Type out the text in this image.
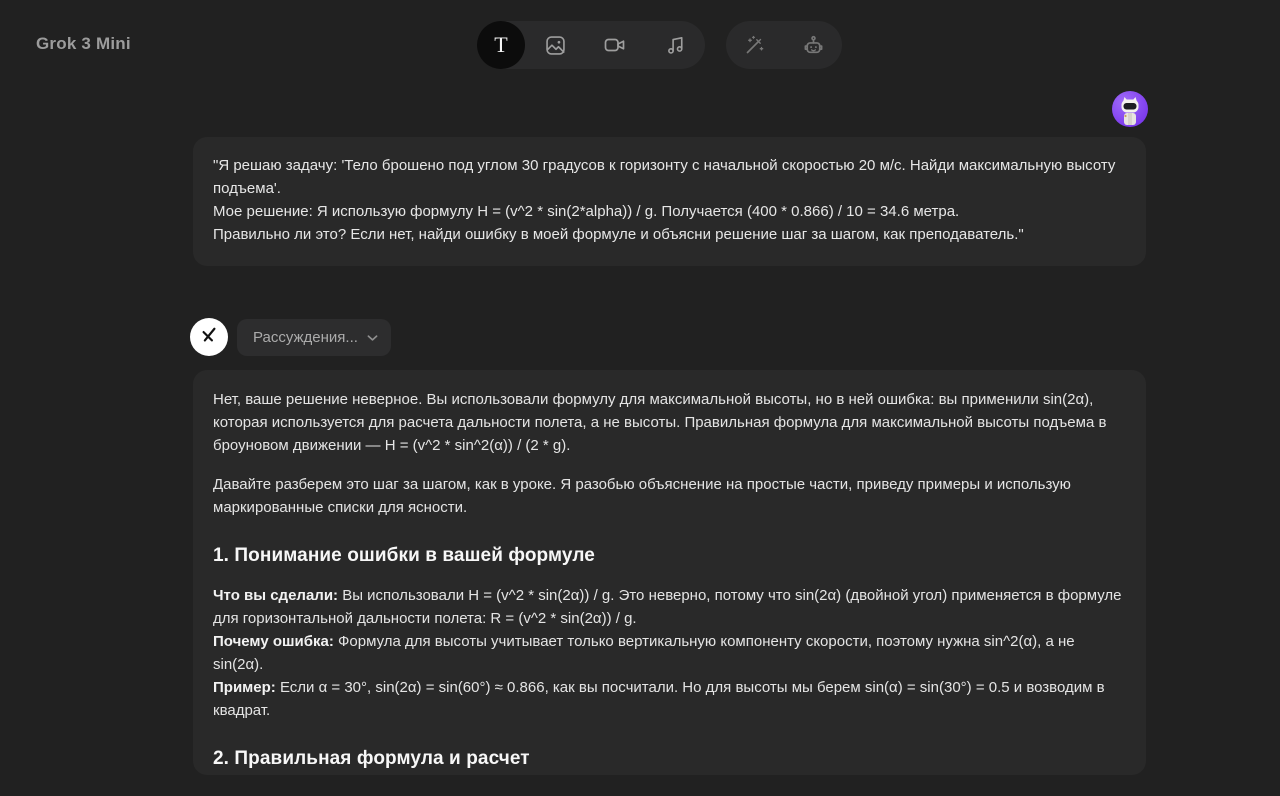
Grok 3 Mini	T

"Я решаю задачу: 'Тело брошено под углом 30 градусов к горизонту с начальной скоростью 20 м/с. Найди максимальную высоту подъема'.

Мое решение: Я использую формулу H = (v^2 * sin(2*alpha)) / g. Получается (400 * 0.866) / 10 = 34.6 метра.

Правильно ли это? Если нет, найди ошибку в моей формуле и объясни решение шаг за шагом, как преподаватель."

Рассуждения...

Нет, ваше решение неверное. Вы использовали формулу для максимальной высоты, но в ней ошибка: вы применили sin(2α), которая используется для расчета дальности полета, а не высоты. Правильная формула для максимальной высоты подъема в броуновом движении — H = (v^2 * sin^2(α)) / (2 * g).

Давайте разберем это шаг за шагом, как в уроке. Я разобью объяснение на простые части, приведу примеры и использую маркированные списки для ясности.

1. Понимание ошибки в вашей формуле

Что вы сделали: Вы использовали H = (v^2 * sin(2α)) / g. Это неверно, потому что sin(2α) (двойной угол) применяется в формуле для горизонтальной дальности полета: R = (v^2 * sin(2α)) / g.
Почему ошибка: Формула для высоты учитывает только вертикальную компоненту скорости, поэтому нужна sin^2(α), а не sin(2α).
Пример: Если α = 30°, sin(2α) = sin(60°) ≈ 0.866, как вы посчитали. Но для высоты мы берем sin(α) = sin(30°) = 0.5 и возводим в квадрат.

2. Правильная формула и расчет
